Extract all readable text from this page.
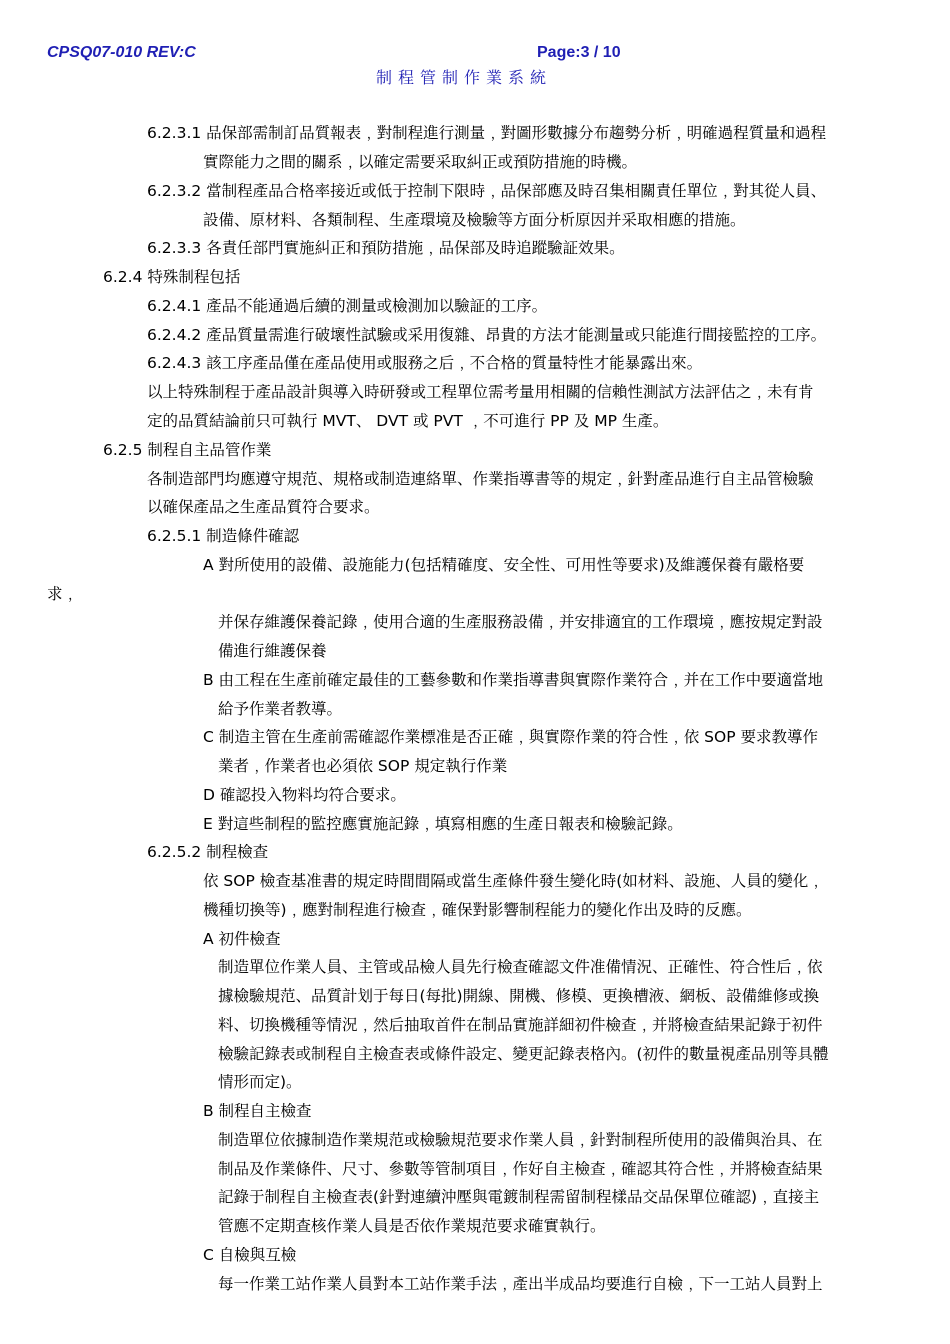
CPSQ07-010 REV:C	Page:3 / 10
制程管制作業系統
6.2.3.1 品保部需制訂品質報表﹐對制程進行測量﹐對圖形數據分布趨勢分析﹐明確過程質量和過程
實際能力之間的關系﹐以確定需要采取糾正或預防措施的時機。
6.2.3.2 當制程產品合格率接近或低于控制下限時﹐品保部應及時召集相關責任單位﹐對其從人員、
設備、原材料、各類制程、生產環境及檢驗等方面分析原因并采取相應的措施。
6.2.3.3 各責任部門實施糾正和預防措施﹐品保部及時追蹤驗証效果。
6.2.4 特殊制程包括
6.2.4.1 產品不能通過后續的測量或檢測加以驗証的工序。
6.2.4.2 產品質量需進行破壞性試驗或采用復雜、昂貴的方法才能測量或只能進行間接監控的工序。
6.2.4.3 該工序產品僅在產品使用或服務之后﹐不合格的質量特性才能暴露出來。
以上特殊制程于產品設計與導入時研發或工程單位需考量用相關的信賴性測試方法評估之﹐未有肯
定的品質結論前只可執行 MVT、 DVT 或 PVT ﹐不可進行 PP 及 MP 生產。
6.2.5 制程自主品管作業
各制造部門均應遵守規范、規格或制造連絡單、作業指導書等的規定﹐針對產品進行自主品管檢驗
以確保產品之生產品質符合要求。
6.2.5.1 制造條件確認
A 對所使用的設備、設施能力(包括精確度、安全性、可用性等要求)及維護保養有嚴格要
求﹐
并保存維護保養記錄﹐使用合適的生產服務設備﹐并安排適宜的工作環境﹐應按規定對設
備進行維護保養
B 由工程在生產前確定最佳的工藝參數和作業指導書與實際作業符合﹐并在工作中要適當地
給予作業者教導。
C 制造主管在生產前需確認作業標准是否正確﹐與實際作業的符合性﹐依 SOP 要求教導作
業者﹐作業者也必須依 SOP 規定執行作業
D 確認投入物料均符合要求。
E 對這些制程的監控應實施記錄﹐填寫相應的生產日報表和檢驗記錄。
6.2.5.2 制程檢查
依 SOP 檢查基准書的規定時間間隔或當生產條件發生變化時(如材料、設施、人員的變化﹐
機種切換等)﹐應對制程進行檢查﹐確保對影響制程能力的變化作出及時的反應。
A 初件檢查
制造單位作業人員、主管或品檢人員先行檢查確認文件准備情況、正確性、符合性后﹐依
據檢驗規范、品質計划于每日(每批)開線、開機、修模、更換槽液、網板、設備維修或換
料、切換機種等情況﹐然后抽取首件在制品實施詳細初件檢查﹐并將檢查結果記錄于初件
檢驗記錄表或制程自主檢查表或條件設定、變更記錄表格內。(初件的數量視產品別等具體
情形而定)。
B 制程自主檢查
制造單位依據制造作業規范或檢驗規范要求作業人員﹐針對制程所使用的設備與治具、在
制品及作業條件、尺寸、參數等管制項目﹐作好自主檢查﹐確認其符合性﹐并將檢查結果
記錄于制程自主檢查表(針對連續沖壓與電鍍制程需留制程樣品交品保單位確認)﹐直接主
管應不定期查核作業人員是否依作業規范要求確實執行。
C 自檢與互檢
每一作業工站作業人員對本工站作業手法﹐產出半成品均要進行自檢﹐下一工站人員對上
